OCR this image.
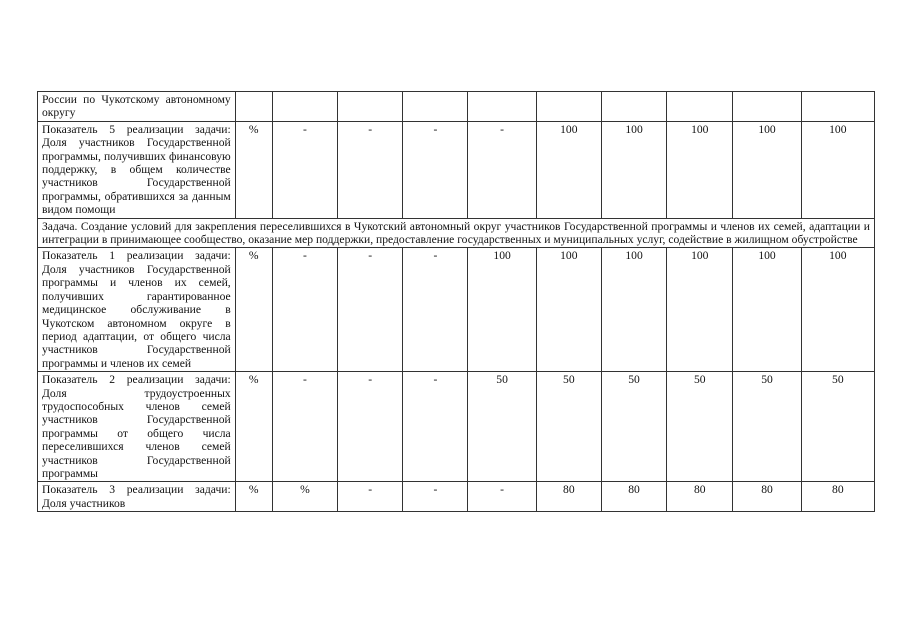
России по Чукотскому автономному округу										
Показатель 5 реализации задачи: Доля участников Государственной программы, получивших финансовую поддержку, в общем количестве участников Государственной программы, обратившихся за данным видом помощи	%	-	-	-	-	100	100	100	100	100
Задача. Создание условий для закрепления переселившихся в Чукотский автономный округ участников Государственной программы и членов их семей, адаптации и интеграции в принимающее сообщество, оказание мер поддержки, предоставление государственных и муниципальных услуг, содействие в жилищном обустройстве										
Показатель 1 реализации задачи: Доля участников Государственной программы и членов их семей, получивших гарантированное медицинское обслуживание в Чукотском автономном округе в период адаптации, от общего числа участников Государственной программы и членов их семей	%	-	-	-	100	100	100	100	100	100
Показатель 2 реализации задачи: Доля трудоустроенных трудоспособных членов семей участников Государственной программы от общего числа переселившихся членов семей участников Государственной программы	%	-	-	-	50	50	50	50	50	50
Показатель 3 реализации задачи: Доля участников	%	%	-	-	-	80	80	80	80	80
